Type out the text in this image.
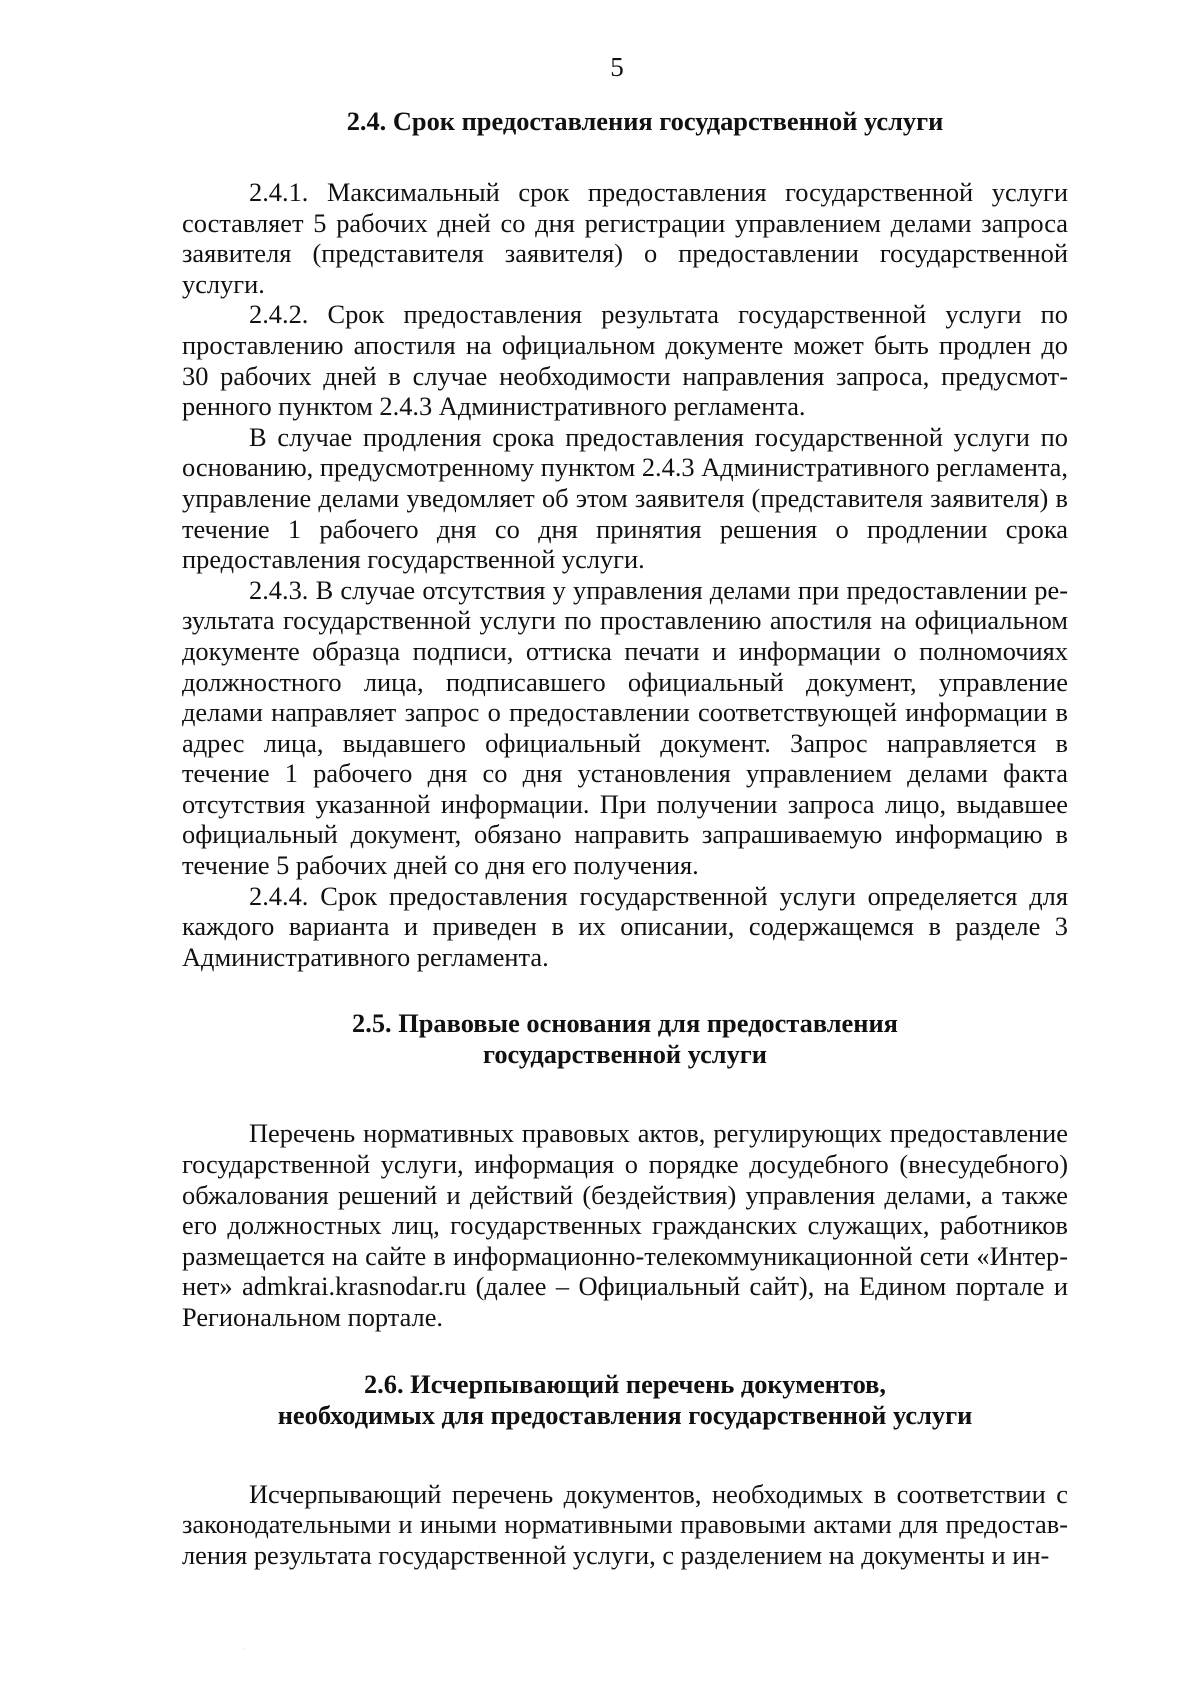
5
2.4. Срок предоставления государственной услуги

2.4.1. Максимальный срок предоставления государственной услуги составляет 5 рабочих дней со дня регистрации управлением делами запроса заявителя (представителя заявителя) о предоставлении государственной услуги.

2.4.2. Срок предоставления результата государственной услуги по проставлению апостиля на официальном документе может быть продлен до 30 рабочих дней в случае необходимости направления запроса, предусмотренного пунктом 2.4.3 Административного регламента.

В случае продления срока предоставления государственной услуги по основанию, предусмотренному пунктом 2.4.3 Административного регламента, управление делами уведомляет об этом заявителя (представителя заявителя) в течение 1 рабочего дня со дня принятия решения о продлении срока предоставления государственной услуги.

2.4.3. В случае отсутствия у управления делами при предоставлении результата государственной услуги по проставлению апостиля на официальном документе образца подписи, оттиска печати и информации о полномочиях должностного лица, подписавшего официальный документ, управление делами направляет запрос о предоставлении соответствующей информации в адрес лица, выдавшего официальный документ. Запрос направляется в течение 1 рабочего дня со дня установления управлением делами факта отсутствия указанной информации. При получении запроса лицо, выдавшее официальный документ, обязано направить запрашиваемую информацию в течение 5 рабочих дней со дня его получения.

2.4.4. Срок предоставления государственной услуги определяется для каждого варианта и приведен в их описании, содержащемся в разделе 3 Административного регламента.

2.5. Правовые основания для предоставления
государственной услуги

Перечень нормативных правовых актов, регулирующих предоставление государственной услуги, информация о порядке досудебного (внесудебного) обжалования решений и действий (бездействия) управления делами, а также его должностных лиц, государственных гражданских служащих, работников размещается на сайте в информационно-телекоммуникационной сети «Интернет» admkrai.krasnodar.ru (далее – Официальный сайт), на Едином портале и Региональном портале.

2.6. Исчерпывающий перечень документов,
необходимых для предоставления государственной услуги

Исчерпывающий перечень документов, необходимых в соответствии с законодательными и иными нормативными правовыми актами для предоставления результата государственной услуги, с разделением на документы и ин-

·
